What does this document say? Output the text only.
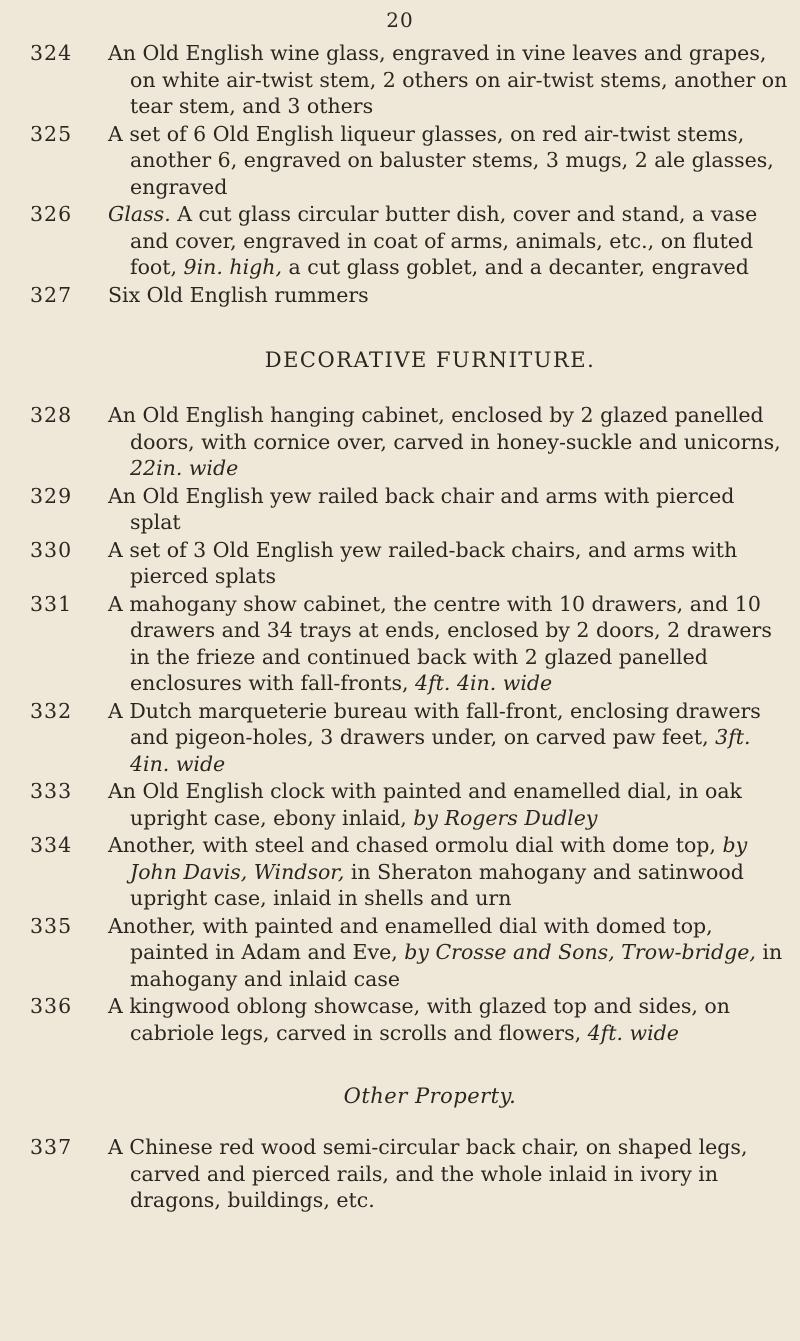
20
324	An Old English wine glass, engraved in vine leaves and grapes, on white air-twist stem, 2 others on air-twist stems, another on tear stem, and 3 others
325	A set of 6 Old English liqueur glasses, on red air-twist stems, another 6, engraved on baluster stems, 3 mugs, 2 ale glasses, engraved
326	Glass. A cut glass circular butter dish, cover and stand, a vase and cover, engraved in coat of arms, animals, etc., on fluted foot, 9in. high, a cut glass goblet, and a decanter, engraved
327	Six Old English rummers
DECORATIVE FURNITURE.
328	An Old English hanging cabinet, enclosed by 2 glazed panelled doors, with cornice over, carved in honey-suckle and unicorns, 22in. wide
329	An Old English yew railed back chair and arms with pierced splat
330	A set of 3 Old English yew railed-back chairs, and arms with pierced splats
331	A mahogany show cabinet, the centre with 10 drawers, and 10 drawers and 34 trays at ends, enclosed by 2 doors, 2 drawers in the frieze and continued back with 2 glazed panelled enclosures with fall-fronts, 4ft. 4in. wide
332	A Dutch marqueterie bureau with fall-front, enclosing drawers and pigeon-holes, 3 drawers under, on carved paw feet, 3ft. 4in. wide
333	An Old English clock with painted and enamelled dial, in oak upright case, ebony inlaid, by Rogers Dudley
334	Another, with steel and chased ormolu dial with dome top, by John Davis, Windsor, in Sheraton mahogany and satinwood upright case, inlaid in shells and urn
335	Another, with painted and enamelled dial with domed top, painted in Adam and Eve, by Crosse and Sons, Trow-bridge, in mahogany and inlaid case
336	A kingwood oblong showcase, with glazed top and sides, on cabriole legs, carved in scrolls and flowers, 4ft. wide
Other Property.
337	A Chinese red wood semi-circular back chair, on shaped legs, carved and pierced rails, and the whole inlaid in ivory in dragons, buildings, etc.
